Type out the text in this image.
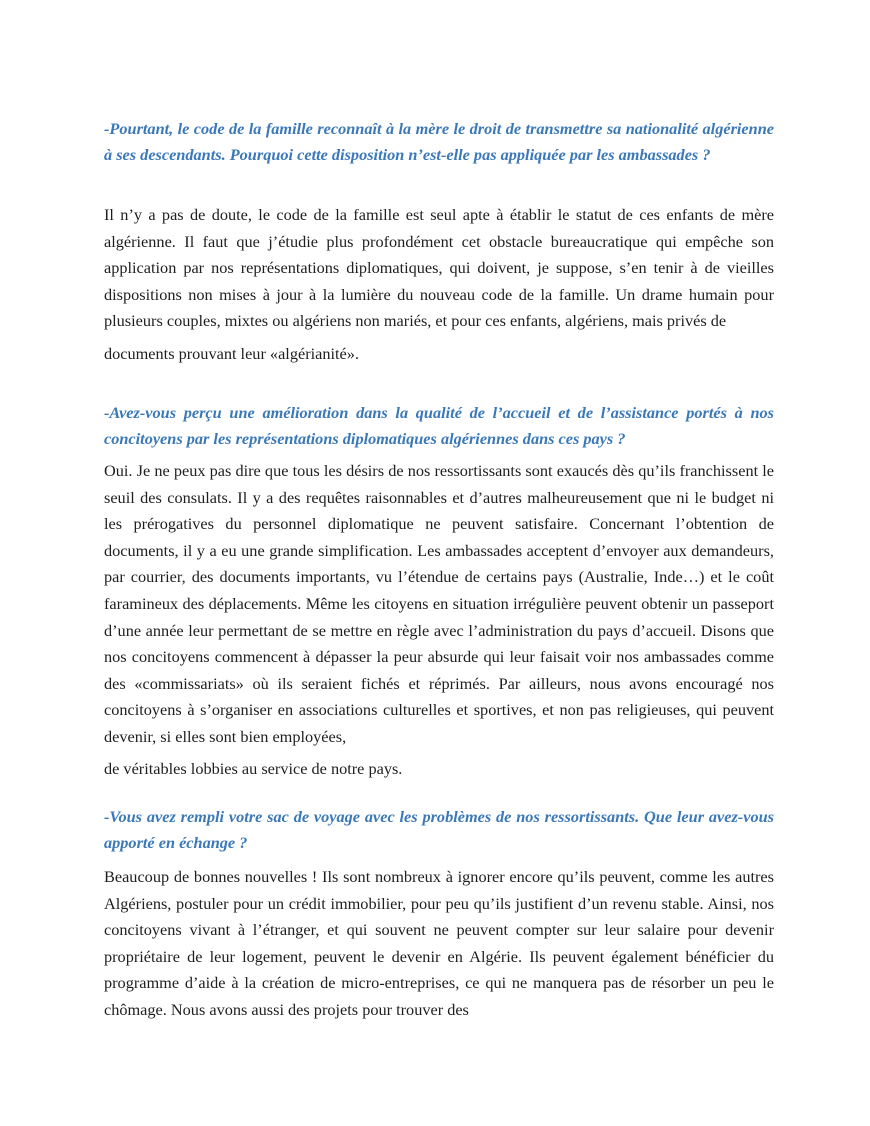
-Pourtant, le code de la famille reconnaît à la mère le droit de transmettre sa nationalité algérienne à ses descendants. Pourquoi cette disposition n’est-elle pas appliquée par les ambassades ?

Il n’y a pas de doute, le code de la famille est seul apte à établir le statut de ces enfants de mère algérienne. Il faut que j’étudie plus profondément cet obstacle bureaucratique qui empêche son application par nos représentations diplomatiques, qui doivent, je suppose, s’en tenir à de vieilles dispositions non mises à jour à la lumière du nouveau code de la famille. Un drame humain pour plusieurs couples, mixtes ou algériens non mariés, et pour ces enfants, algériens, mais privés de

documents prouvant leur «algérianité».

-Avez-vous perçu une amélioration dans la qualité de l’accueil et de l’assistance portés à nos concitoyens par les représentations diplomatiques algériennes dans ces pays ?

Oui. Je ne peux pas dire que tous les désirs de nos ressortissants sont exaucés dès qu’ils franchissent le seuil des consulats. Il y a des requêtes raisonnables et d’autres malheureusement que ni le budget ni les prérogatives du personnel diplomatique ne peuvent satisfaire. Concernant l’obtention de documents, il y a eu une grande simplification. Les ambassades acceptent d’envoyer aux demandeurs, par courrier, des documents importants, vu l’étendue de certains pays (Australie, Inde…) et le coût faramineux des déplacements. Même les citoyens en situation irrégulière peuvent obtenir un passeport d’une année leur permettant de se mettre en règle avec l’administration du pays d’accueil. Disons que nos concitoyens commencent à dépasser la peur absurde qui leur faisait voir nos ambassades comme des «commissariats» où ils seraient fichés et réprimés. Par ailleurs, nous avons encouragé nos concitoyens à s’organiser en associations culturelles et sportives, et non pas religieuses, qui peuvent devenir, si elles sont bien employées,

de véritables lobbies au service de notre pays.

-Vous avez rempli votre sac de voyage avec les problèmes de nos ressortissants. Que leur avez-vous apporté en échange ?

Beaucoup de bonnes nouvelles ! Ils sont nombreux à ignorer encore qu’ils peuvent, comme les autres Algériens, postuler pour un crédit immobilier, pour peu qu’ils justifient d’un revenu stable. Ainsi, nos concitoyens vivant à l’étranger, et qui souvent ne peuvent compter sur leur salaire pour devenir propriétaire de leur logement, peuvent le devenir en Algérie. Ils peuvent également bénéficier du programme d’aide à la création de micro-entreprises, ce qui ne manquera pas de résorber un peu le chômage. Nous avons aussi des projets pour trouver des
